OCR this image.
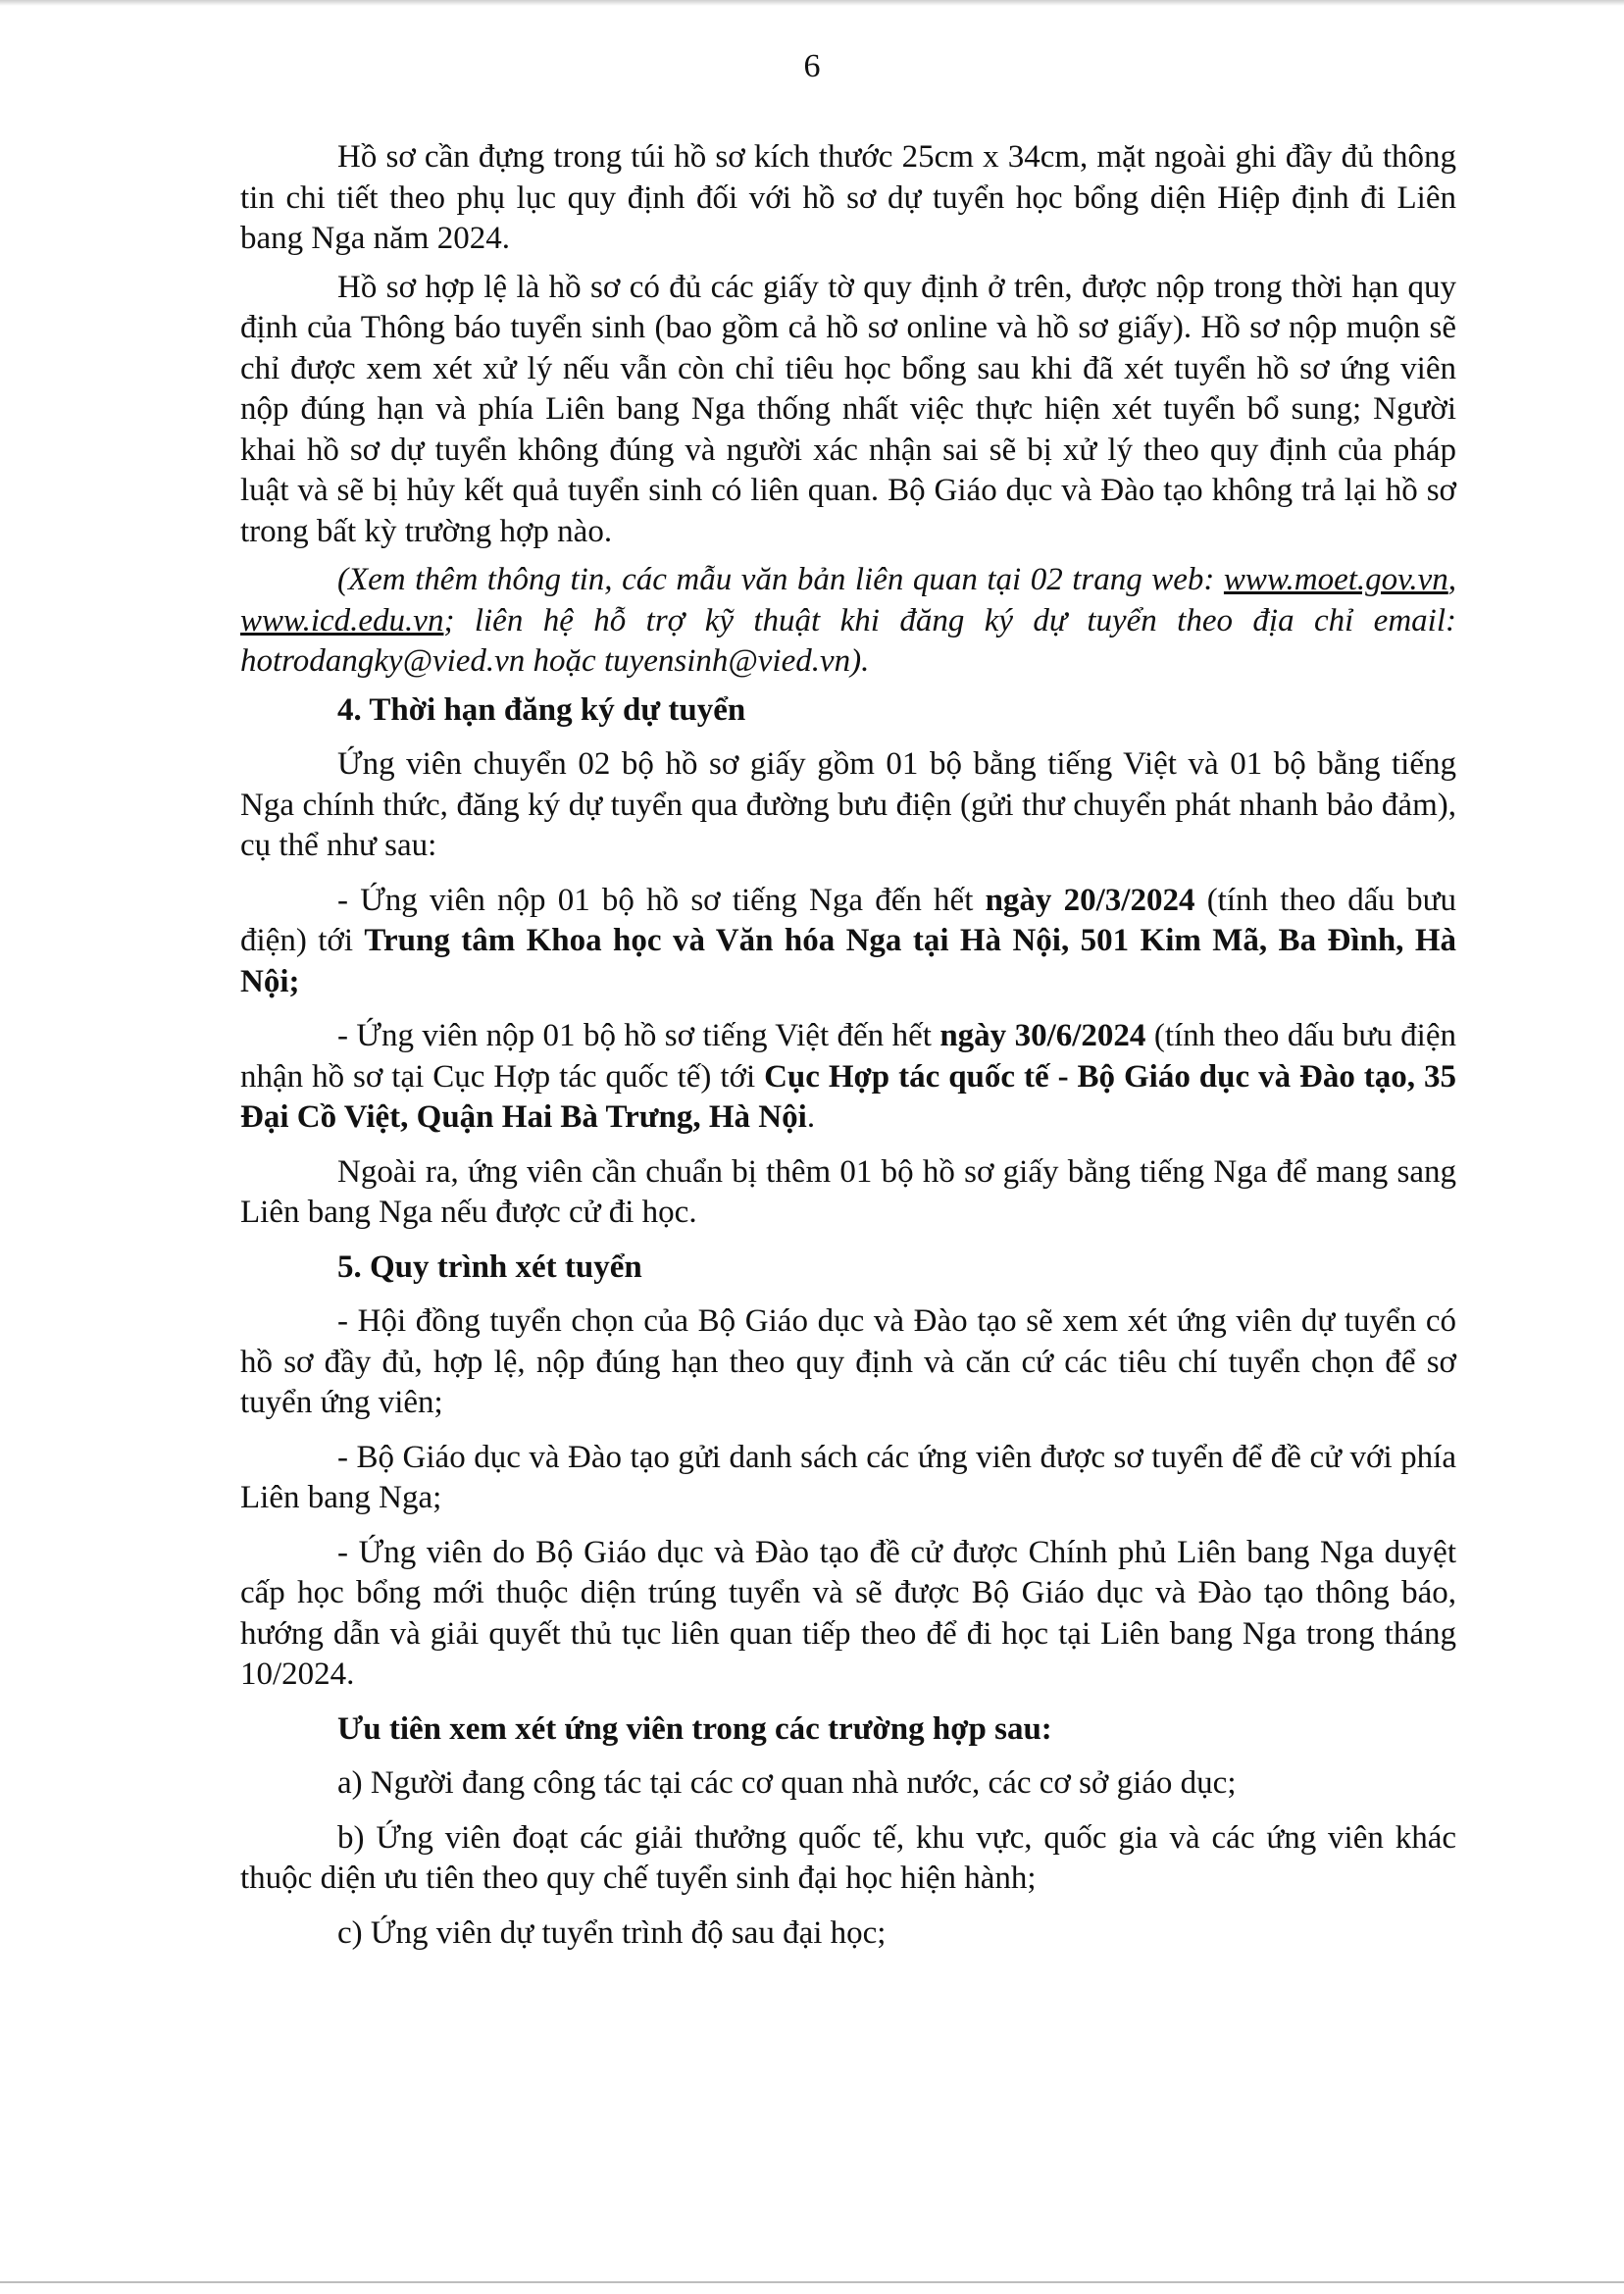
6

Hồ sơ cần đựng trong túi hồ sơ kích thước 25cm x 34cm, mặt ngoài ghi đầy đủ thông tin chi tiết theo phụ lục quy định đối với hồ sơ dự tuyển học bổng diện Hiệp định đi Liên bang Nga năm 2024.

Hồ sơ hợp lệ là hồ sơ có đủ các giấy tờ quy định ở trên, được nộp trong thời hạn quy định của Thông báo tuyển sinh (bao gồm cả hồ sơ online và hồ sơ giấy). Hồ sơ nộp muộn sẽ chỉ được xem xét xử lý nếu vẫn còn chỉ tiêu học bổng sau khi đã xét tuyển hồ sơ ứng viên nộp đúng hạn và phía Liên bang Nga thống nhất việc thực hiện xét tuyển bổ sung; Người khai hồ sơ dự tuyển không đúng và người xác nhận sai sẽ bị xử lý theo quy định của pháp luật và sẽ bị hủy kết quả tuyển sinh có liên quan. Bộ Giáo dục và Đào tạo không trả lại hồ sơ trong bất kỳ trường hợp nào.

(Xem thêm thông tin, các mẫu văn bản liên quan tại 02 trang web: www.moet.gov.vn, www.icd.edu.vn; liên hệ hỗ trợ kỹ thuật khi đăng ký dự tuyển theo địa chỉ email: hotrodangky@vied.vn hoặc tuyensinh@vied.vn).

4. Thời hạn đăng ký dự tuyển

Ứng viên chuyển 02 bộ hồ sơ giấy gồm 01 bộ bằng tiếng Việt và 01 bộ bằng tiếng Nga chính thức, đăng ký dự tuyển qua đường bưu điện (gửi thư chuyển phát nhanh bảo đảm), cụ thể như sau:

- Ứng viên nộp 01 bộ hồ sơ tiếng Nga đến hết ngày 20/3/2024 (tính theo dấu bưu điện) tới Trung tâm Khoa học và Văn hóa Nga tại Hà Nội, 501 Kim Mã, Ba Đình, Hà Nội;

- Ứng viên nộp 01 bộ hồ sơ tiếng Việt đến hết ngày 30/6/2024 (tính theo dấu bưu điện nhận hồ sơ tại Cục Hợp tác quốc tế) tới Cục Hợp tác quốc tế - Bộ Giáo dục và Đào tạo, 35 Đại Cồ Việt, Quận Hai Bà Trưng, Hà Nội.

Ngoài ra, ứng viên cần chuẩn bị thêm 01 bộ hồ sơ giấy bằng tiếng Nga để mang sang Liên bang Nga nếu được cử đi học.

5. Quy trình xét tuyển

- Hội đồng tuyển chọn của Bộ Giáo dục và Đào tạo sẽ xem xét ứng viên dự tuyển có hồ sơ đầy đủ, hợp lệ, nộp đúng hạn theo quy định và căn cứ các tiêu chí tuyển chọn để sơ tuyển ứng viên;

- Bộ Giáo dục và Đào tạo gửi danh sách các ứng viên được sơ tuyển để đề cử với phía Liên bang Nga;

- Ứng viên do Bộ Giáo dục và Đào tạo đề cử được Chính phủ Liên bang Nga duyệt cấp học bổng mới thuộc diện trúng tuyển và sẽ được Bộ Giáo dục và Đào tạo thông báo, hướng dẫn và giải quyết thủ tục liên quan tiếp theo để đi học tại Liên bang Nga trong tháng 10/2024.

Ưu tiên xem xét ứng viên trong các trường hợp sau:

a) Người đang công tác tại các cơ quan nhà nước, các cơ sở giáo dục;

b) Ứng viên đoạt các giải thưởng quốc tế, khu vực, quốc gia và các ứng viên khác thuộc diện ưu tiên theo quy chế tuyển sinh đại học hiện hành;

c) Ứng viên dự tuyển trình độ sau đại học;
